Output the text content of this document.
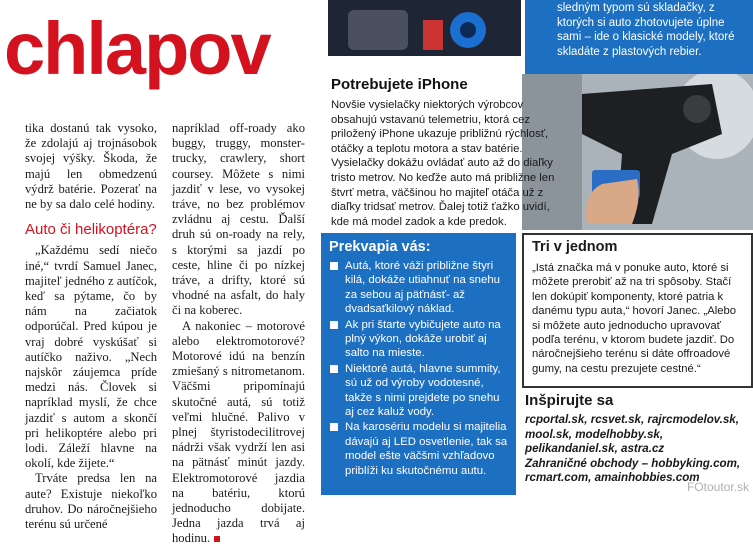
chlapov

tika dostanú tak vysoko, že zdolajú aj trojnásobok svojej výšky. Škoda, že majú len obmedzenú výdrž batérie. Pozerať na ne by sa dalo celé hodiny.

Auto či helikoptéra?

„Každému sedí niečo iné,“ tvrdí Samuel Janec, majiteľ jedného z autíčok, keď sa pýtame, čo by nám na začiatok odporúčal. Pred kúpou je vraj dobré vyskúšať si autíčko naživo. „Nech najskôr záujemca príde medzi nás. Človek si napríklad myslí, že chce jazdiť s autom a skončí pri helikoptére alebo pri lodi. Záleží hlavne na okolí, kde žijete.“

Trváte predsa len na aute? Existuje niekoľko druhov. Do náročnejšieho terénu sú určené

napríklad off-roady ako buggy, truggy, monster-trucky, crawlery, short coursey. Môžete s nimi jazdiť v lese, vo vysokej tráve, no bez problémov zvládnu aj cestu. Ďalší druh sú on-roady na rely, s ktorými sa jazdí po ceste, hline či po nízkej tráve, a drifty, ktoré sú vhodné na asfalt, do haly či na koberec.

A nakoniec – motorové alebo elektromotorové? Motorové idú na benzín zmiešaný s nitrometanom. Väčšmi pripomínajú skutočné autá, sú totiž veľmi hlučné. Palivo v plnej štyristodecilitrovej nádrži však vydrží len asi na pätnásť minút jazdy. Elektromotorové jazdia na batériu, ktorú jednoducho dobijate. Jedna jazda trvá aj hodinu.

sledným typom sú skladačky, z ktorých si auto zhotovujete úplne sami – ide o klasické modely, ktoré skladáte z plastových rebier.
Potrebujete iPhone
Novšie vysielačky niektorých výrobcov obsahujú vstavanú telemetriu, ktorá cez priložený iPhone ukazuje približnú rýchlosť, otáčky a teplotu motora a stav batérie. Vysielačky dokážu ovládať auto až do diaľky tristo metrov. No keďže auto má približne len štvrť metra, väčšinou ho majiteľ otáča už z diaľky tridsať metrov. Ďalej totiž ťažko uvidí, kde má model zadok a kde predok.
Prekvapia vás:
Autá, ktoré váži približne štyri kilá, dokáže utiahnuť na snehu za sebou aj päťnásť- až dvadsaťkilový náklad.
Ak pri štarte vybičujete auto na plný výkon, dokáže urobiť aj salto na mieste.
Niektoré autá, hlavne summity, sú už od výroby vodotesné, takže s nimi prejdete po snehu aj cez kaluž vody.
Na karosériu modelu si majitelia dávajú aj LED osvetlenie, tak sa model ešte väčšmi vzhľadovo priblíži ku skutočnému autu.
Tri v jednom

„Istá značka má v ponuke auto, ktoré si môžete prerobiť až na tri spôsoby. Stačí len dokúpiť komponenty, ktoré patria k danému typu auta,“ hovorí Janec. „Alebo si môžete auto jednoducho upravovať podľa terénu, v ktorom budete jazdiť. Do náročnejšieho terénu si dáte offroadové gumy, na cestu prezujete cestné.“

Inšpirujte sa

rcportal.sk, rcsvet.sk, rajrcmodelov.sk, mool.sk, modelhobby.sk, pelikandaniel.sk, astra.cz

Zahraničné obchody – hobbyking.com, rcmart.com, amainhobbies.com

FOtoutor.sk
